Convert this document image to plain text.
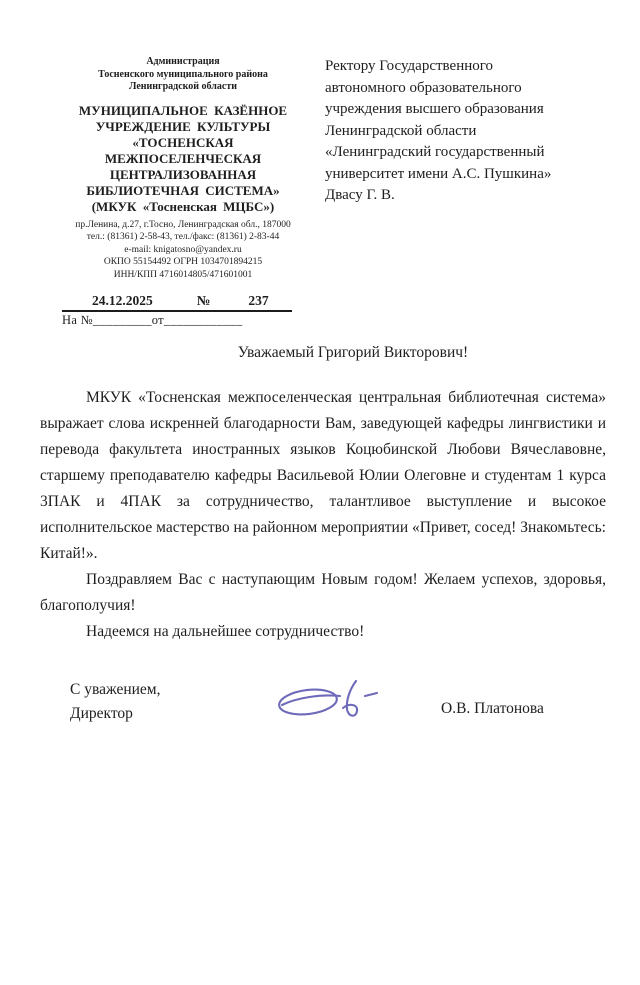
Администрация
Тосненского муниципального района
Ленинградской области
МУНИЦИПАЛЬНОЕ КАЗЁННОЕ
УЧРЕЖДЕНИЕ КУЛЬТУРЫ
«ТОСНЕНСКАЯ
МЕЖПОСЕЛЕНЧЕСКАЯ
ЦЕНТРАЛИЗОВАННАЯ
БИБЛИОТЕЧНАЯ СИСТЕМА»
(МКУК «Тосненская МЦБС»)
пр.Ленина, д.27, г.Тосно, Ленинградская обл., 187000
тел.: (81361) 2-58-43, тел./факс: (81361) 2-83-44
e-mail: knigatosno@yandex.ru
ОКПО 55154492 ОГРН 1034701894215
ИНН/КПП 4716014805/471601001
24.12.2025	№	237
На №_________от____________
Ректору Государственного
автономного образовательного
учреждения высшего образования
Ленинградской области
«Ленинградский государственный
университет имени А.С. Пушкина»
Двасу Г. В.
Уважаемый Григорий Викторович!

МКУК «Тосненская межпоселенческая центральная библиотечная система» выражает слова искренней благодарности Вам, заведующей кафедры лингвистики и перевода факультета иностранных языков Коцюбинской Любови Вячеславовне, старшему преподавателю кафедры Васильевой Юлии Олеговне и студентам 1 курса 3ПАК и 4ПАК за сотрудничество, талантливое выступление и высокое исполнительское мастерство на районном мероприятии «Привет, сосед! Знакомьтесь: Китай!».

Поздравляем Вас с наступающим Новым годом! Желаем успехов, здоровья, благополучия!

Надеемся на дальнейшее сотрудничество!

С уважением,
Директор	О.В. Платонова
